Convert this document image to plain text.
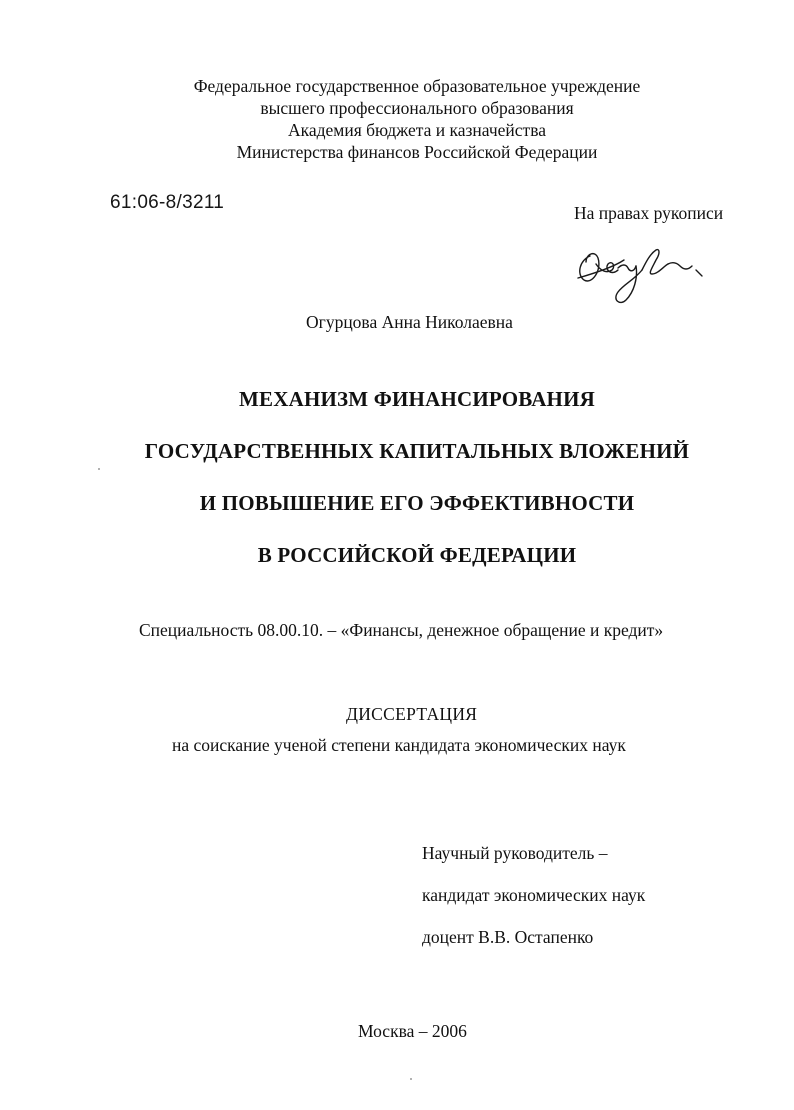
Федеральное государственное образовательное учреждение
высшего профессионального образования
Академия бюджета и казначейства
Министерства финансов Российской Федерации
61:06-8/3211	На правах рукописи
Огурцова Анна Николаевна
МЕХАНИЗМ ФИНАНСИРОВАНИЯ
ГОСУДАРСТВЕННЫХ КАПИТАЛЬНЫХ ВЛОЖЕНИЙ
И ПОВЫШЕНИЕ ЕГО ЭФФЕКТИВНОСТИ
В РОССИЙСКОЙ ФЕДЕРАЦИИ
Специальность 08.00.10. – «Финансы, денежное обращение и кредит»
ДИССЕРТАЦИЯ
на соискание ученой степени кандидата экономических наук
Научный руководитель –
кандидат экономических наук
доцент В.В. Остапенко
Москва – 2006
